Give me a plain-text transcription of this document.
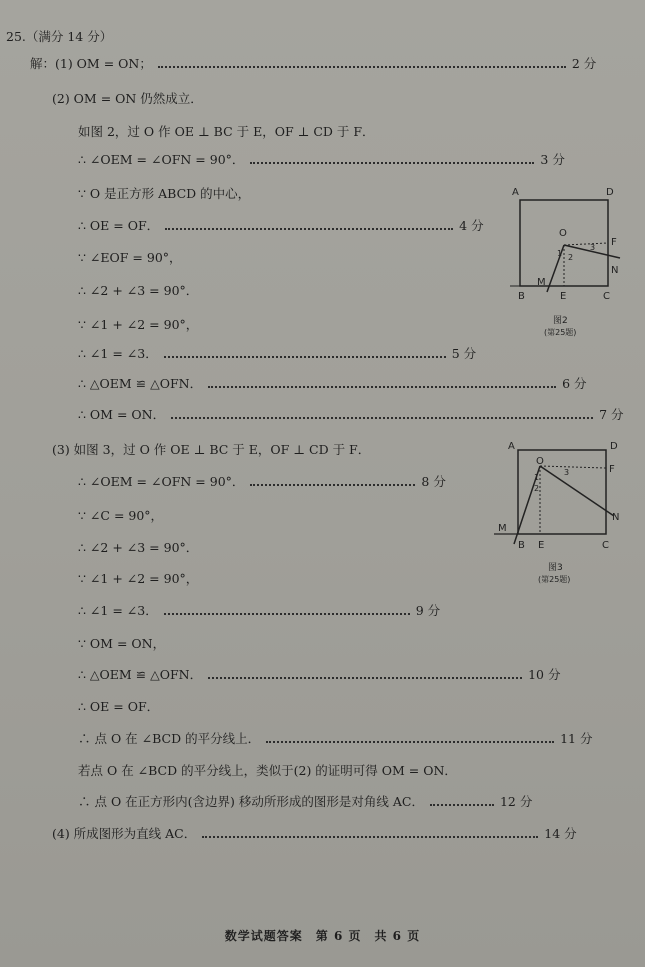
25.（满分 14 分）
解：(1) OM = ON；	2 分
(2) OM = ON 仍然成立．
如图 2，过 O 作 OE ⊥ BC 于 E，OF ⊥ CD 于 F．
∴ ∠OEM = ∠OFN = 90°．	3 分
∵ O 是正方形 ABCD 的中心，
∴ OE = OF．	4 分
∵ ∠EOF = 90°，
∴ ∠2 + ∠3 = 90°．
∵ ∠1 + ∠2 = 90°，
∴ ∠1 = ∠3．	5 分
∴ △OEM ≌ △OFN．	6 分
∴ OM = ON．	7 分
(3) 如图 3，过 O 作 OE ⊥ BC 于 E，OF ⊥ CD 于 F．
∴ ∠OEM = ∠OFN = 90°．	8 分
∵ ∠C = 90°，
∴ ∠2 + ∠3 = 90°．
∵ ∠1 + ∠2 = 90°，
∴ ∠1 = ∠3．	9 分
∵ OM = ON，
∴ △OEM ≌ △OFN．	10 分
∴ OE = OF．
∴ 点 O 在 ∠BCD 的平分线上．	11 分
若点 O 在 ∠BCD 的平分线上，类似于(2) 的证明可得 OM = ON．
∴ 点 O 在正方形内(含边界) 移动所形成的图形是对角线 AC．	12 分
(4) 所成图形为直线 AC．	14 分
A	D
O
F
N
M
B	E	C
1 2
3
图2
(第25题)
A	D
O
F
N
M
B E	C
1
2
3
图3
(第25题)
数学试题答案　第 6 页　共 6 页
